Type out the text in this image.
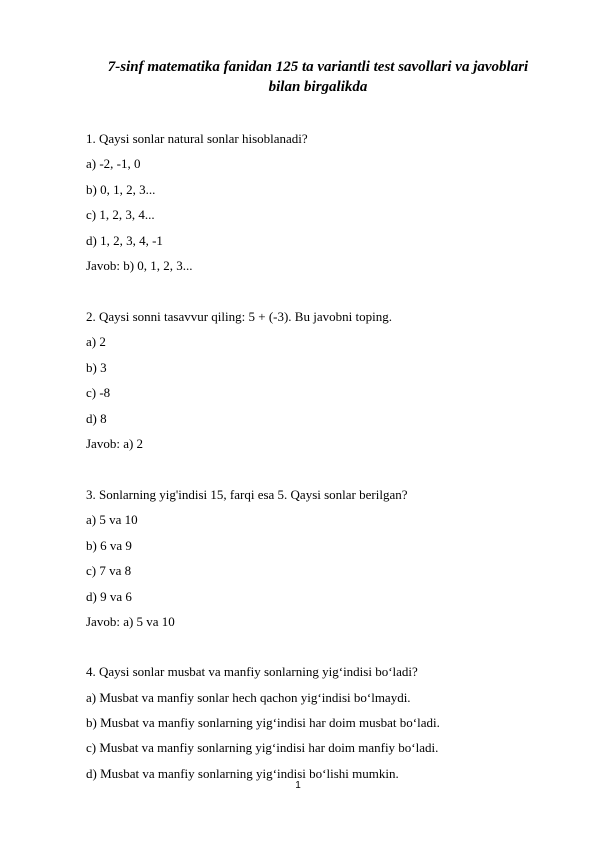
7-sinf matematika fanidan 125 ta variantli test savollari va javoblari
bilan birgalikda

1. Qaysi sonlar natural sonlar hisoblanadi?

a) -2, -1, 0

b) 0, 1, 2, 3...

c) 1, 2, 3, 4...

d) 1, 2, 3, 4, -1

Javob: b) 0, 1, 2, 3...

2. Qaysi sonni tasavvur qiling: 5 + (-3). Bu javobni toping.

a) 2

b) 3

c) -8

d) 8

Javob: a) 2

3. Sonlarning yig'indisi 15, farqi esa 5. Qaysi sonlar berilgan?

a) 5 va 10

b) 6 va 9

c) 7 va 8

d) 9 va 6

Javob: a) 5 va 10

4. Qaysi sonlar musbat va manfiy sonlarning yig‘indisi bo‘ladi?

a) Musbat va manfiy sonlar hech qachon yig‘indisi bo‘lmaydi.

b) Musbat va manfiy sonlarning yig‘indisi har doim musbat bo‘ladi.

c) Musbat va manfiy sonlarning yig‘indisi har doim manfiy bo‘ladi.

d) Musbat va manfiy sonlarning yig‘indisi bo‘lishi mumkin.

1
